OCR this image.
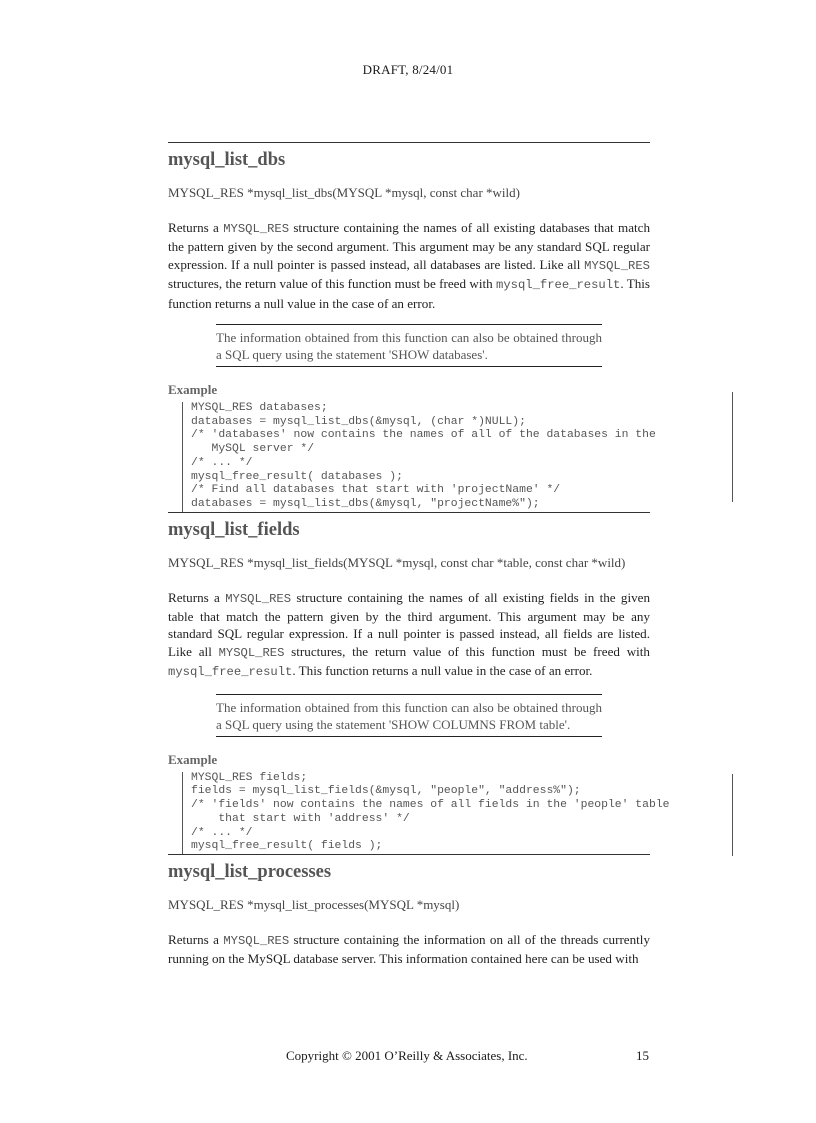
DRAFT, 8/24/01
mysql_list_dbs
MYSQL_RES *mysql_list_dbs(MYSQL *mysql, const char *wild)
Returns a MYSQL_RES structure containing the names of all existing databases that match the pattern given by the second argument. This argument may be any standard SQL regular expression. If a null pointer is passed instead, all databases are listed. Like all MYSQL_RES structures, the return value of this function must be freed with mysql_free_result. This function returns a null value in the case of an error.
The information obtained from this function can also be obtained through a SQL query using the statement 'SHOW databases'.
Example
MYSQL_RES databases;
databases = mysql_list_dbs(&mysql, (char *)NULL);
/* 'databases' now contains the names of all of the databases in the
MySQL server */
/* ... */
mysql_free_result( databases );
/* Find all databases that start with 'projectName' */
databases = mysql_list_dbs(&mysql, "projectName%");
mysql_list_fields
MYSQL_RES *mysql_list_fields(MYSQL *mysql, const char *table, const char *wild)
Returns a MYSQL_RES structure containing the names of all existing fields in the given table that match the pattern given by the third argument. This argument may be any standard SQL regular expression. If a null pointer is passed instead, all fields are listed. Like all MYSQL_RES structures, the return value of this function must be freed with mysql_free_result. This function returns a null value in the case of an error.
The information obtained from this function can also be obtained through a SQL query using the statement 'SHOW COLUMNS FROM table'.
Example
MYSQL_RES fields;
fields = mysql_list_fields(&mysql, "people", "address%");
/* 'fields' now contains the names of all fields in the 'people' table
that start with 'address' */
/* ... */
mysql_free_result( fields );
mysql_list_processes
MYSQL_RES *mysql_list_processes(MYSQL *mysql)
Returns a MYSQL_RES structure containing the information on all of the threads currently running on the MySQL database server. This information contained here can be used with
Copyright © 2001 O’Reilly & Associates, Inc.	15
